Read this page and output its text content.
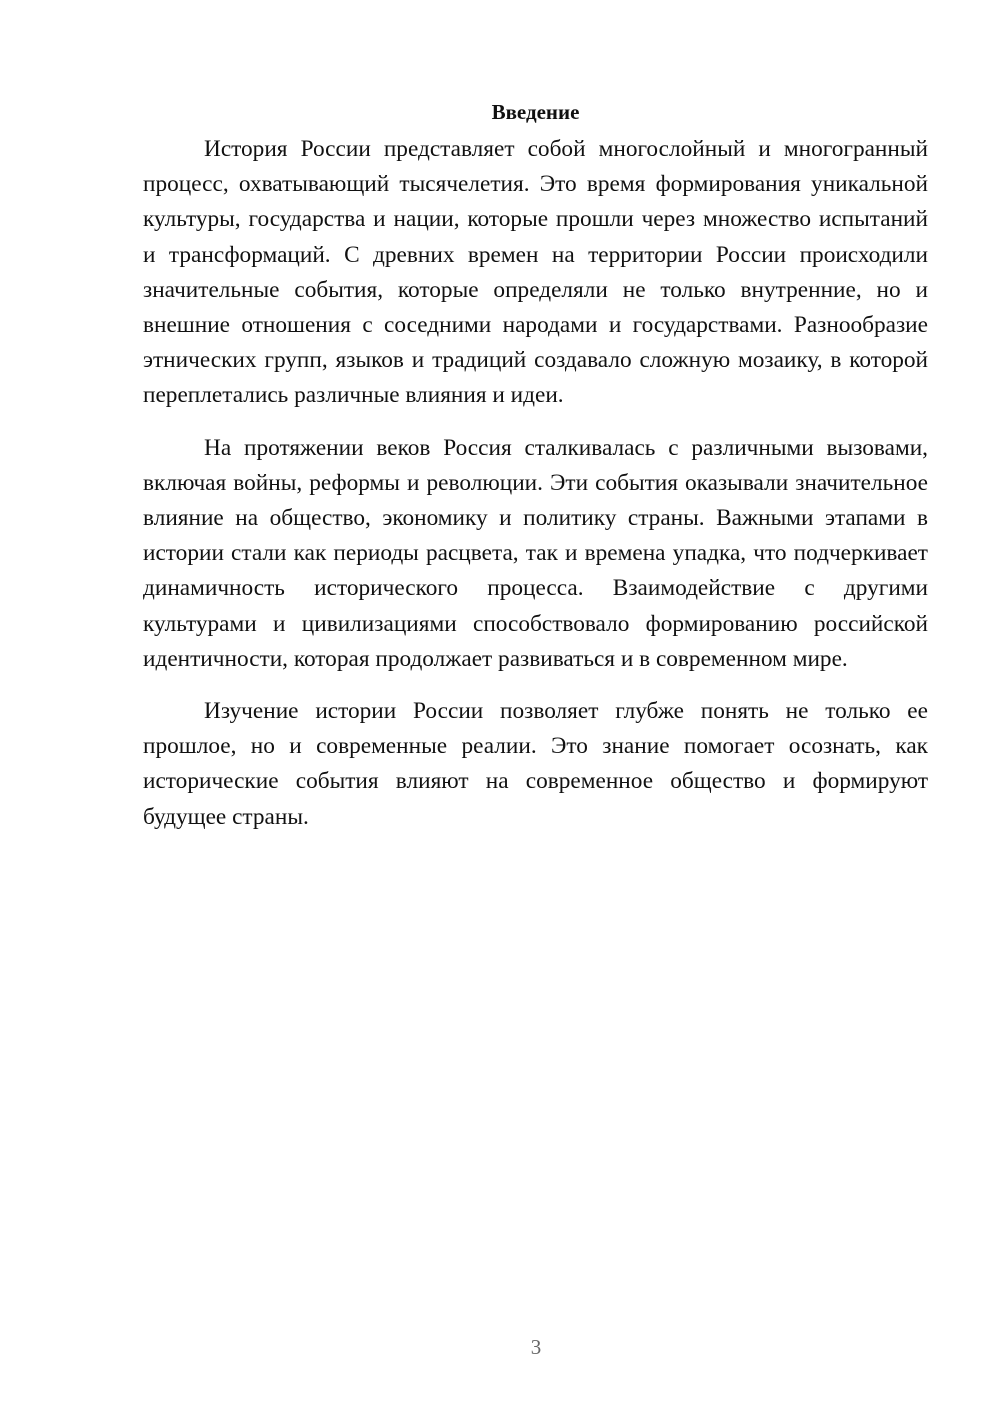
Введение

История России представляет собой многослойный и многогранный процесс, охватывающий тысячелетия. Это время формирования уникальной культуры, государства и нации, которые прошли через множество испытаний и трансформаций. С древних времен на территории России происходили значительные события, которые определяли не только внутренние, но и внешние отношения с соседними народами и государствами. Разнообразие этнических групп, языков и традиций создавало сложную мозаику, в которой переплетались различные влияния и идеи.

На протяжении веков Россия сталкивалась с различными вызовами, включая войны, реформы и революции. Эти события оказывали значительное влияние на общество, экономику и политику страны. Важными этапами в истории стали как периоды расцвета, так и времена упадка, что подчеркивает динамичность исторического процесса. Взаимодействие с другими культурами и цивилизациями способствовало формированию российской идентичности, которая продолжает развиваться и в современном мире.

Изучение истории России позволяет глубже понять не только ее прошлое, но и современные реалии. Это знание помогает осознать, как исторические события влияют на современное общество и формируют будущее страны.

3
